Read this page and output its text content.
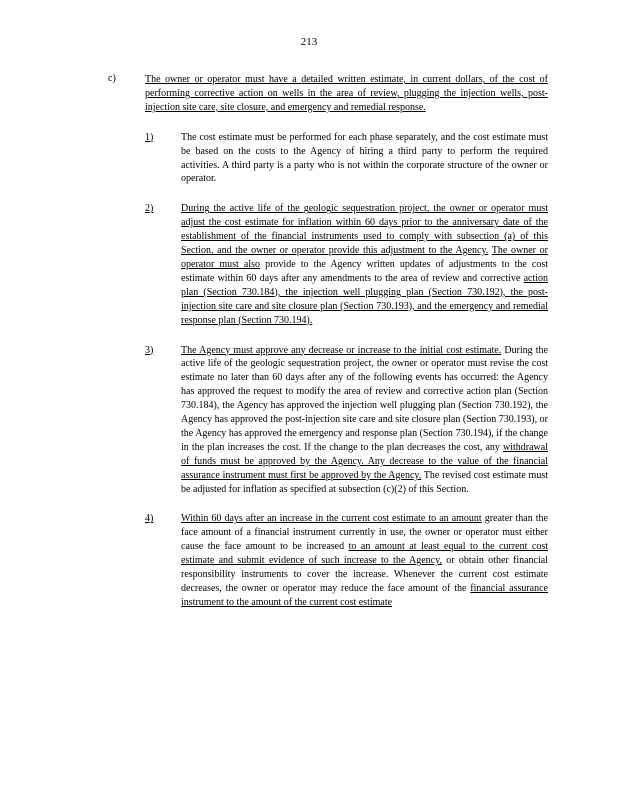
213
c)	The owner or operator must have a detailed written estimate, in current dollars, of the cost of performing corrective action on wells in the area of review, plugging the injection wells, post-injection site care, site closure, and emergency and remedial response.
1)	The cost estimate must be performed for each phase separately, and the cost estimate must be based on the costs to the Agency of hiring a third party to perform the required activities. A third party is a party who is not within the corporate structure of the owner or operator.
2)	During the active life of the geologic sequestration project, the owner or operator must adjust the cost estimate for inflation within 60 days prior to the anniversary date of the establishment of the financial instruments used to comply with subsection (a) of this Section, and the owner or operator provide this adjustment to the Agency. The owner or operator must also provide to the Agency written updates of adjustments to the cost estimate within 60 days after any amendments to the area of review and corrective action plan (Section 730.184), the injection well plugging plan (Section 730.192), the post-injection site care and site closure plan (Section 730.193), and the emergency and remedial response plan (Section 730.194).
3)	The Agency must approve any decrease or increase to the initial cost estimate. During the active life of the geologic sequestration project, the owner or operator must revise the cost estimate no later than 60 days after any of the following events has occurred: the Agency has approved the request to modify the area of review and corrective action plan (Section 730.184), the Agency has approved the injection well plugging plan (Section 730.192), the Agency has approved the post-injection site care and site closure plan (Section 730.193), or the Agency has approved the emergency and response plan (Section 730.194), if the change in the plan increases the cost. If the change to the plan decreases the cost, any withdrawal of funds must be approved by the Agency. Any decrease to the value of the financial assurance instrument must first be approved by the Agency. The revised cost estimate must be adjusted for inflation as specified at subsection (c)(2) of this Section.
4)	Within 60 days after an increase in the current cost estimate to an amount greater than the face amount of a financial instrument currently in use, the owner or operator must either cause the face amount to be increased to an amount at least equal to the current cost estimate and submit evidence of such increase to the Agency, or obtain other financial responsibility instruments to cover the increase. Whenever the current cost estimate decreases, the owner or operator may reduce the face amount of the financial assurance instrument to the amount of the current cost estimate
